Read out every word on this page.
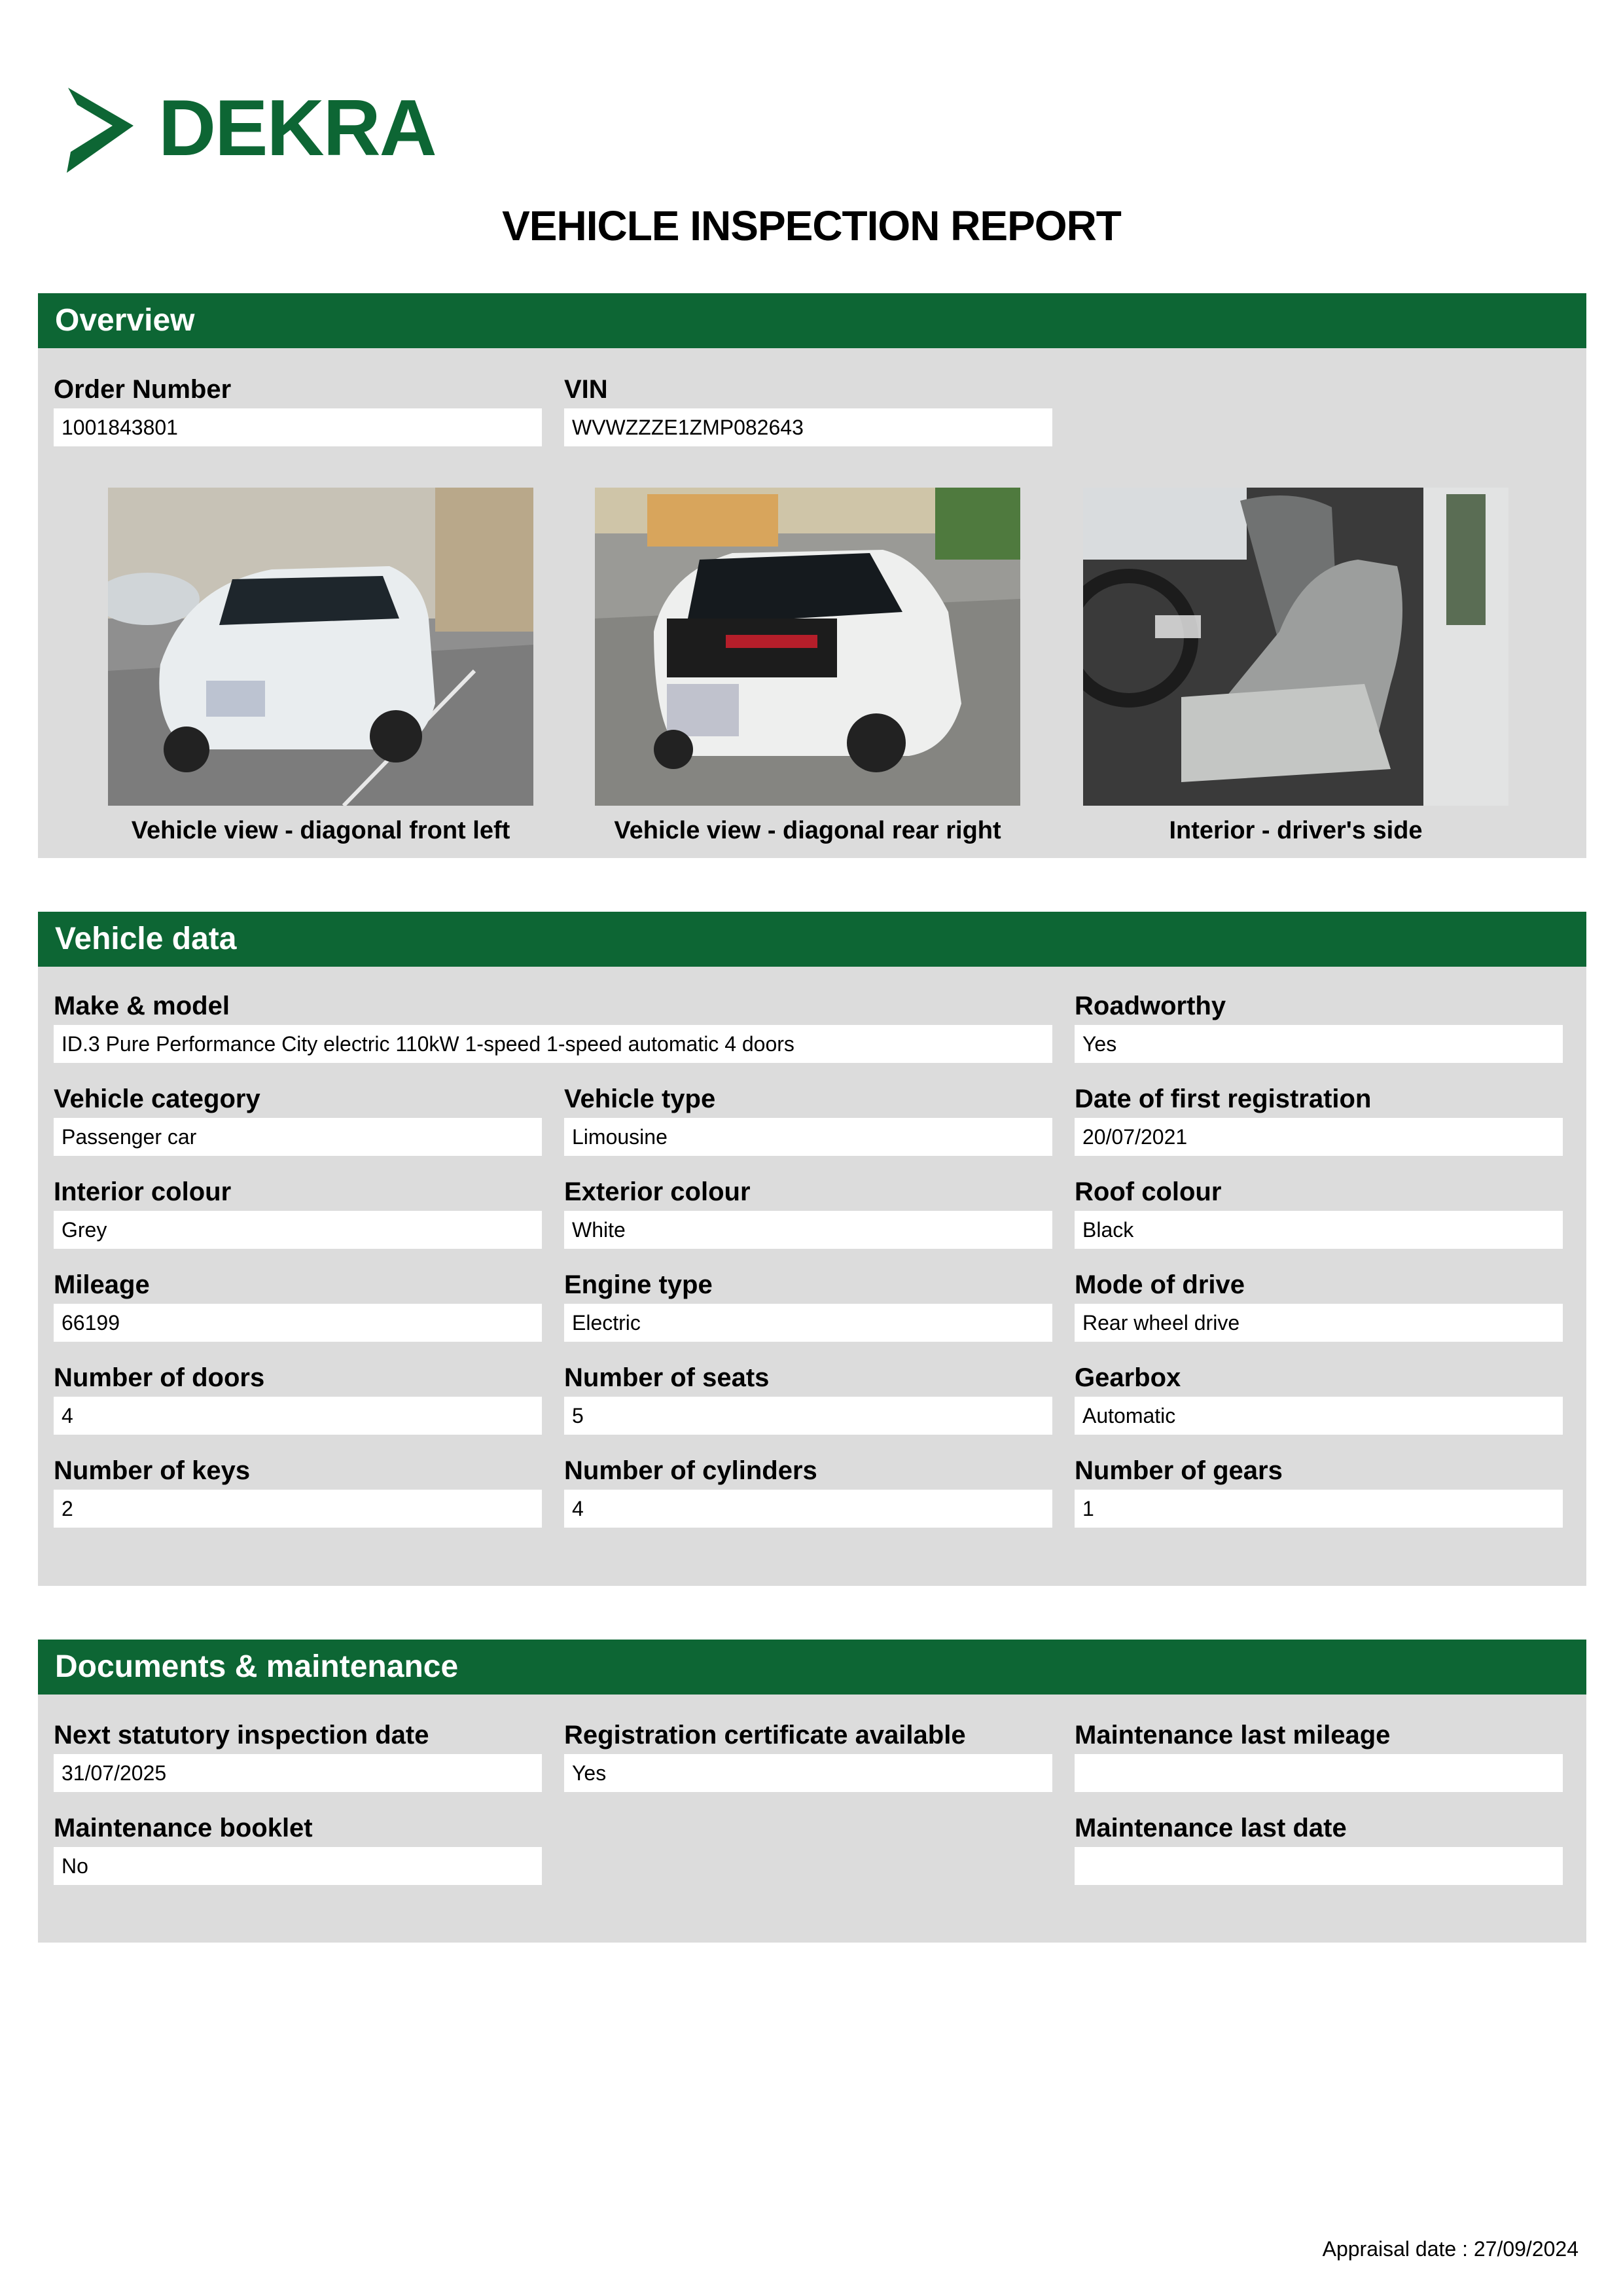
DEKRA
VEHICLE INSPECTION REPORT
Overview
Order Number
1001843801
VIN
WVWZZZE1ZMP082643
Vehicle view - diagonal front left	Vehicle view - diagonal rear right	Interior - driver's side
Vehicle data
Make & model
ID.3 Pure Performance City electric 110kW 1-speed 1-speed automatic 4 doors
Roadworthy
Yes
Vehicle category
Passenger car
Vehicle type
Limousine
Date of first registration
20/07/2021
Interior colour
Grey
Exterior colour
White
Roof colour
Black
Mileage
66199
Engine type
Electric
Mode of drive
Rear wheel drive
Number of doors
4
Number of seats
5
Gearbox
Automatic
Number of keys
2
Number of cylinders
4
Number of gears
1
Documents & maintenance
Next statutory inspection date
31/07/2025
Registration certificate available
Yes
Maintenance last mileage
Maintenance booklet
No
Maintenance last date
Appraisal date : 27/09/2024
